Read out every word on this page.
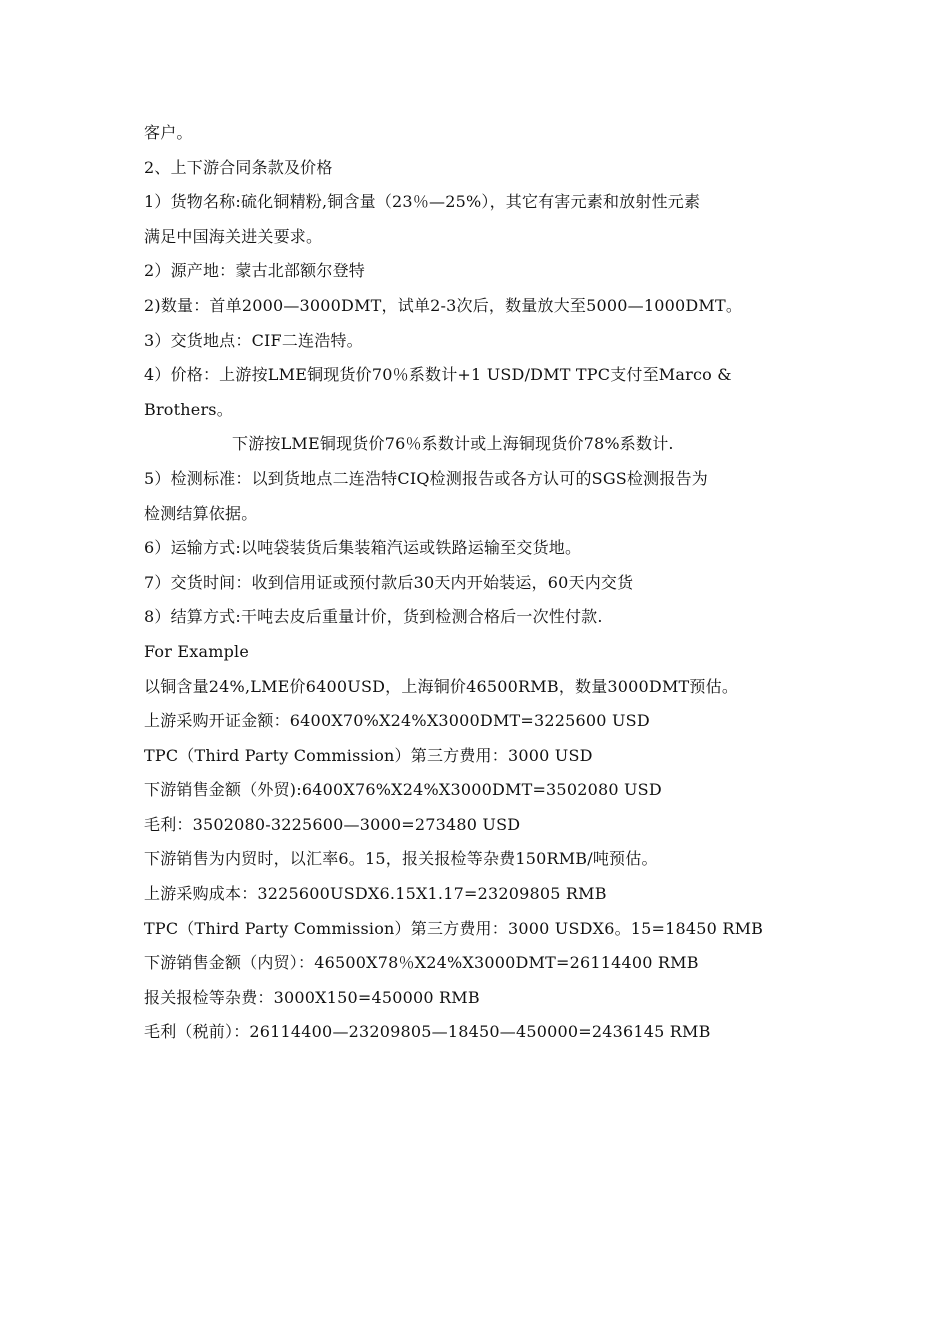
客户。
2、上下游合同条款及价格
1）货物名称:硫化铜精粉,铜含量（23％—25%），其它有害元素和放射性元素
满足中国海关进关要求。
2）源产地：蒙古北部额尔登特
2)数量：首单2000—3000DMT，试单2-3次后，数量放大至5000—1000DMT。
3）交货地点：CIF二连浩特。
4）价格：上游按LME铜现货价70％系数计+1 USD/DMT TPC支付至Marco &
Brothers。
下游按LME铜现货价76％系数计或上海铜现货价78%系数计.
5）检测标准：以到货地点二连浩特CIQ检测报告或各方认可的SGS检测报告为
检测结算依据。
6）运输方式:以吨袋装货后集装箱汽运或铁路运输至交货地。
7）交货时间：收到信用证或预付款后30天内开始装运，60天内交货
8）结算方式:干吨去皮后重量计价，货到检测合格后一次性付款.
For Example
以铜含量24%,LME价6400USD，上海铜价46500RMB，数量3000DMT预估。
上游采购开证金额：6400X70%X24%X3000DMT=3225600 USD
TPC（Third Party Commission）第三方费用：3000 USD
下游销售金额（外贸):6400X76%X24%X3000DMT=3502080 USD
毛利：3502080-3225600—3000=273480 USD
下游销售为内贸时，以汇率6。15，报关报检等杂费150RMB/吨预估。
上游采购成本：3225600USDX6.15X1.17=23209805 RMB
TPC（Third Party Commission）第三方费用：3000 USDX6。15=18450 RMB
下游销售金额（内贸）：46500X78％X24%X3000DMT=26114400 RMB
报关报检等杂费：3000X150=450000 RMB
毛利（税前）：26114400—23209805—18450—450000=2436145 RMB
